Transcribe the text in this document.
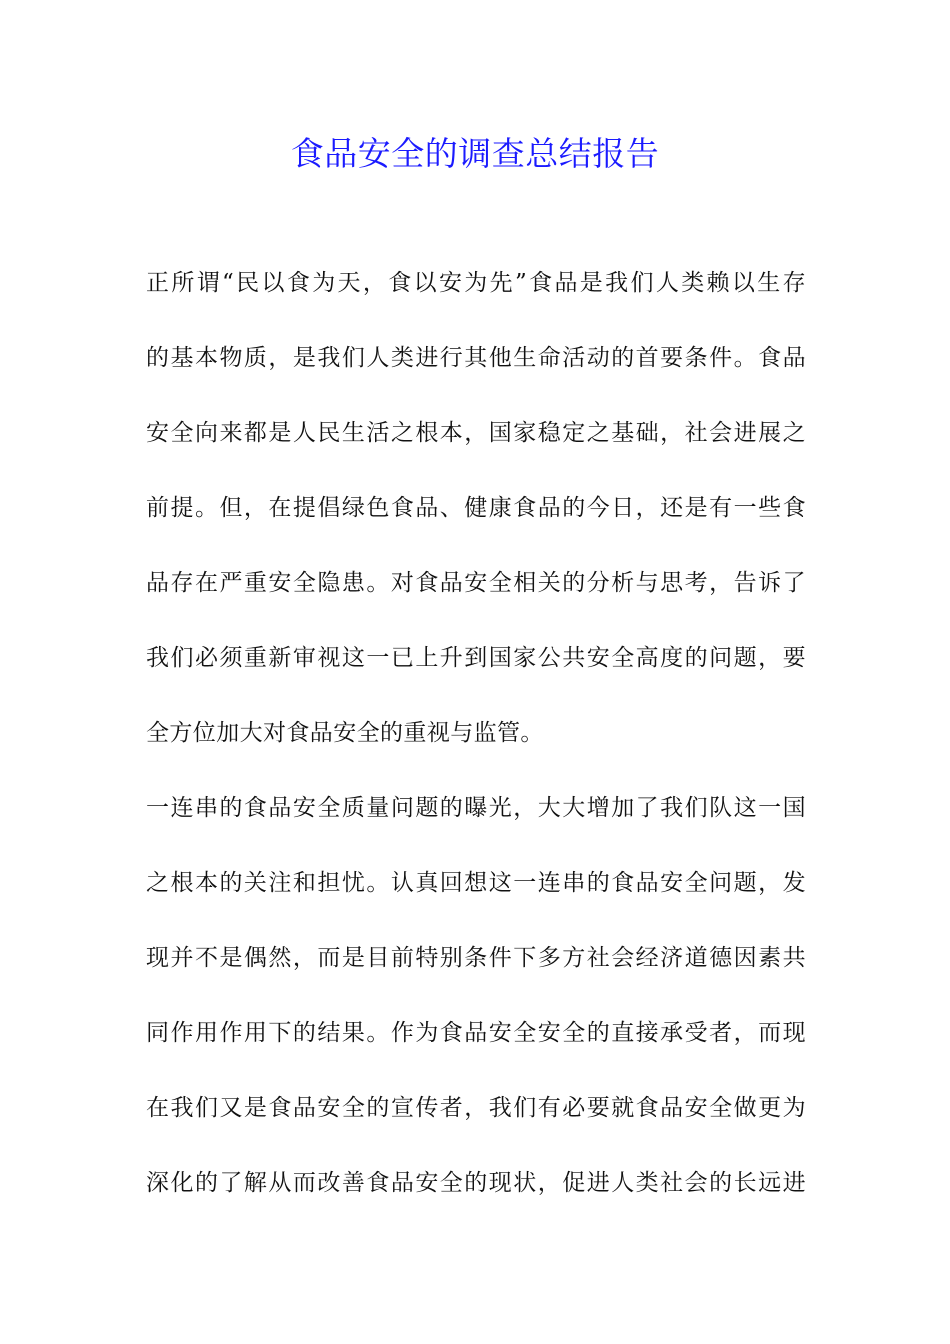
食品安全的调查总结报告
正所谓“民以食为天，食以安为先”食品是我们人类赖以生存
的基本物质，是我们人类进行其他生命活动的首要条件。食品
安全向来都是人民生活之根本，国家稳定之基础，社会进展之
前提。但，在提倡绿色食品、健康食品的今日，还是有一些食
品存在严重安全隐患。对食品安全相关的分析与思考，告诉了
我们必须重新审视这一已上升到国家公共安全高度的问题，要
全方位加大对食品安全的重视与监管。
一连串的食品安全质量问题的曝光，大大增加了我们队这一国
之根本的关注和担忧。认真回想这一连串的食品安全问题，发
现并不是偶然，而是目前特别条件下多方社会经济道德因素共
同作用作用下的结果。作为食品安全安全的直接承受者，而现
在我们又是食品安全的宣传者，我们有必要就食品安全做更为
深化的了解从而改善食品安全的现状，促进人类社会的长远进
